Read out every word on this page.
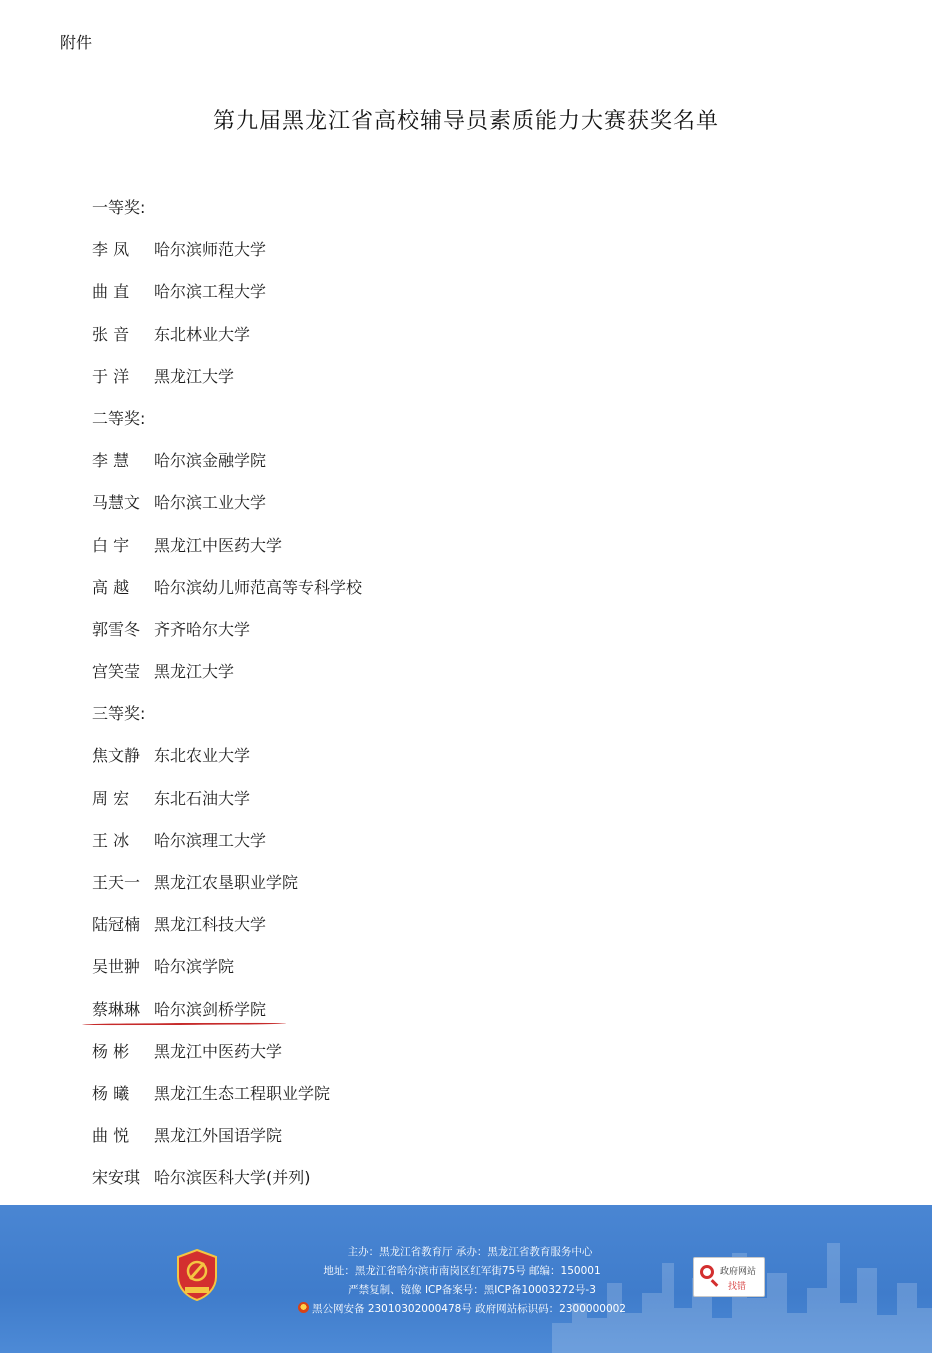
附件
第九届黑龙江省高校辅导员素质能力大赛获奖名单
一等奖:
李 凤 哈尔滨师范大学
曲 直 哈尔滨工程大学
张 音 东北林业大学
于 洋 黑龙江大学
二等奖:
李 慧 哈尔滨金融学院
马慧文 哈尔滨工业大学
白 宇 黑龙江中医药大学
高 越 哈尔滨幼儿师范高等专科学校
郭雪冬 齐齐哈尔大学
宫笑莹 黑龙江大学
三等奖:
焦文静 东北农业大学
周 宏 东北石油大学
王 冰 哈尔滨理工大学
王天一 黑龙江农垦职业学院
陆冠楠 黑龙江科技大学
吴世翀 哈尔滨学院
蔡琳琳 哈尔滨剑桥学院
杨 彬 黑龙江中医药大学
杨 曦 黑龙江生态工程职业学院
曲 悦 黑龙江外国语学院
宋安琪 哈尔滨医科大学(并列)
主办：黑龙江省教育厅 承办：黑龙江省教育服务中心
地址：黑龙江省哈尔滨市南岗区红军街75号 邮编：150001
严禁复制、镜像 ICP备案号：黑ICP备10003272号-3
黑公网安备 23010302000478号 政府网站标识码：2300000002
政府网站
找错
